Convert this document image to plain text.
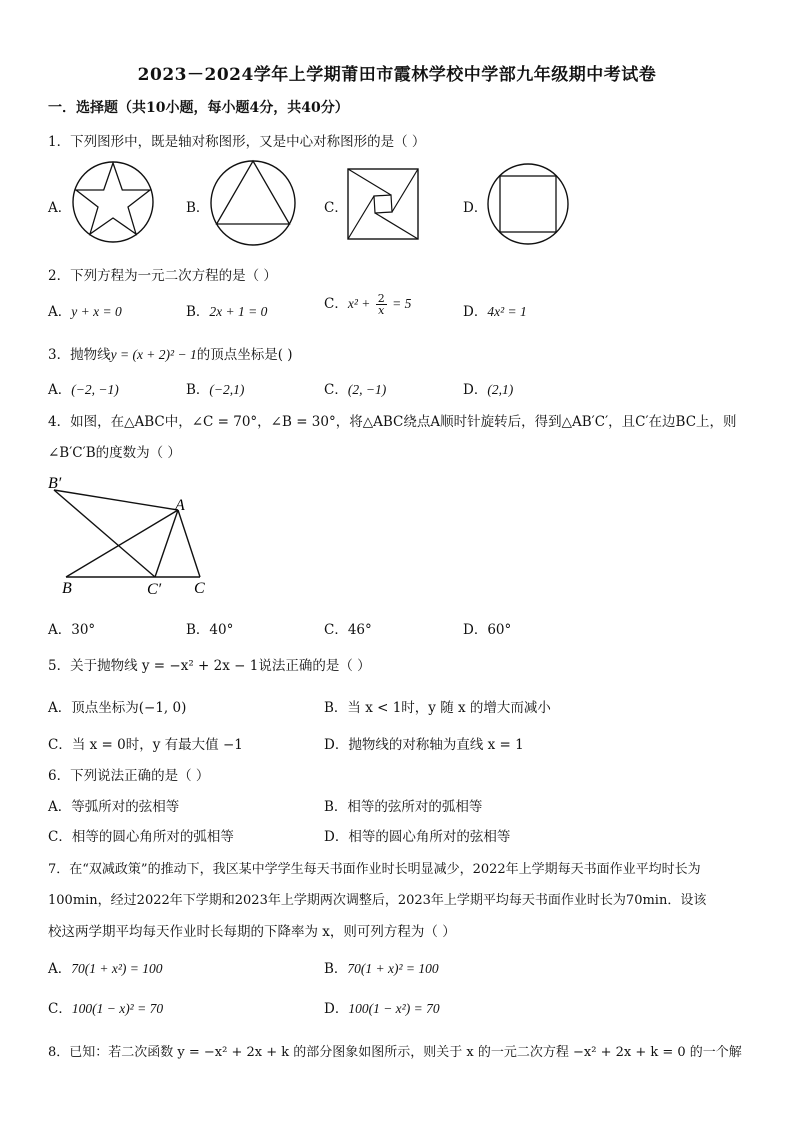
2023－2024学年上学期莆田市霞林学校中学部九年级期中考试卷
一．选择题（共10小题，每小题4分，共40分）
1．下列图形中，既是轴对称图形，又是中心对称图形的是（ ）
A．	B．	C．	D．
2．下列方程为一元二次方程的是（ ）
A．y + x = 0	B．2x + 1 = 0	C．$x^2 + \frac{2}{x} = 5$
D．4x² = 1
3．抛物线y = (x + 2)² − 1的顶点坐标是( )
A．(−2, −1)	B．(−2,1)	C．(2, −1)	D．(2,1)
4．如图，在△ABC中，∠C = 70°，∠B = 30°，将△ABC绕点A顺时针旋转后，得到△AB′C′，且C′在边BC上，则
∠B′C′B的度数为（ ）
B′
A
B	C′ C
A．30°	B．40°	C．46°	D．60°
5．关于抛物线 y = −x² + 2x − 1说法正确的是（ ）
A．顶点坐标为(−1, 0)	B．当 x < 1时，y 随 x 的增大而减小
C．当 x = 0时，y 有最大值 −1	D．抛物线的对称轴为直线 x = 1
6．下列说法正确的是（ ）
A．等弧所对的弦相等	B．相等的弦所对的弧相等
C．相等的圆心角所对的弧相等	D．相等的圆心角所对的弦相等
7．在“双减政策”的推动下，我区某中学学生每天书面作业时长明显减少，2022年上学期每天书面作业平均时长为
100min，经过2022年下学期和2023年上学期两次调整后，2023年上学期平均每天书面作业时长为70min．设该
校这两学期平均每天作业时长每期的下降率为 x，则可列方程为（ ）
A．70(1 + x²) = 100	B．70(1 + x)² = 100
C．100(1 − x)² = 70	D．100(1 − x²) = 70
8．已知：若二次函数 y = −x² + 2x + k 的部分图象如图所示，则关于 x 的一元二次方程 −x² + 2x + k = 0 的一个解
